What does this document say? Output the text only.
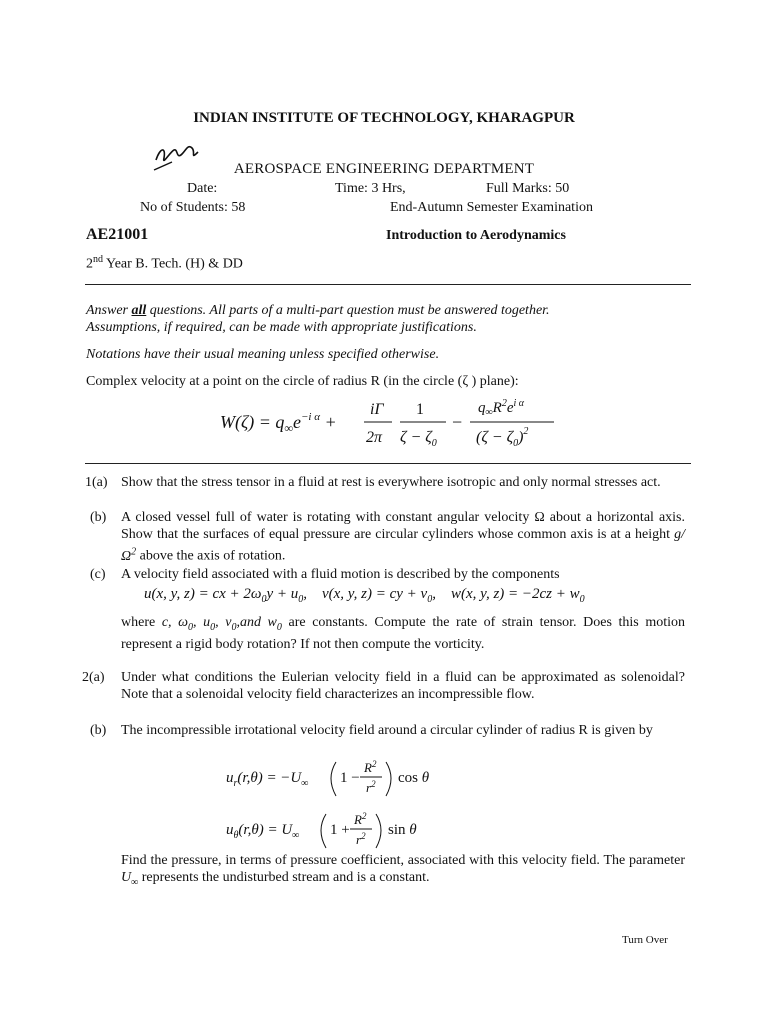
INDIAN INSTITUTE OF TECHNOLOGY, KHARAGPUR
AEROSPACE ENGINEERING DEPARTMENT
Date:	Time: 3 Hrs,	Full Marks: 50
No of Students: 58	End-Autumn Semester Examination
AE21001	Introduction to Aerodynamics
2nd Year B. Tech. (H) & DD
Answer all questions. All parts of a multi-part question must be answered together.
Assumptions, if required, can be made with appropriate justifications.
Notations have their usual meaning unless specified otherwise.
Complex velocity at a point on the circle of radius R (in the circle (ζ ) plane):
$W(\zeta) = q_\infty e^{-i \alpha}$ +
iΓ
2π
1
$\zeta - \zeta_0$
−
$q_\infty R^2e^{i \alpha}$
$(\zeta - \zeta_0)^2$
1(a) Show that the stress tensor in a fluid at rest is everywhere isotropic and only normal stresses act.
(b) A closed vessel full of water is rotating with constant angular velocity Ω about a horizontal axis. Show that the surfaces of equal pressure are circular cylinders whose common axis is at a height $g/\Omega^2$ above the axis of rotation.
(c) A velocity field associated with a fluid motion is described by the components
u(x, y, z) = cx + $2\omega_0y + u_0$,    v(x, y, z) = cy + $v_0$,    w(x, y, $z) = -2cz + w_0$
where c, $\omega_0$, $u_0$, $v_0,and$ $w_0$ are constants. Compute the rate of strain tensor. Does this motion represent a rigid body rotation? If not then compute the vorticity.
2(a) Under what conditions the Eulerian velocity field in a fluid can be approximated as solenoidal? Note that a solenoidal velocity field characterizes an incompressible flow.
(b) The incompressible irrotational velocity field around a circular cylinder of radius R is given by
$u_r(r,\theta) = -U_\infty$ 1 −
$R^2$
$r^2$ cos θ
$u_\theta(r,\theta) = U_\infty$ 1 +
$R^2$
$r^2$ sin θ
Find the pressure, in terms of pressure coefficient, associated with this velocity field. The parameter $U_\infty$ represents the undisturbed stream and is a constant.
Turn Over
